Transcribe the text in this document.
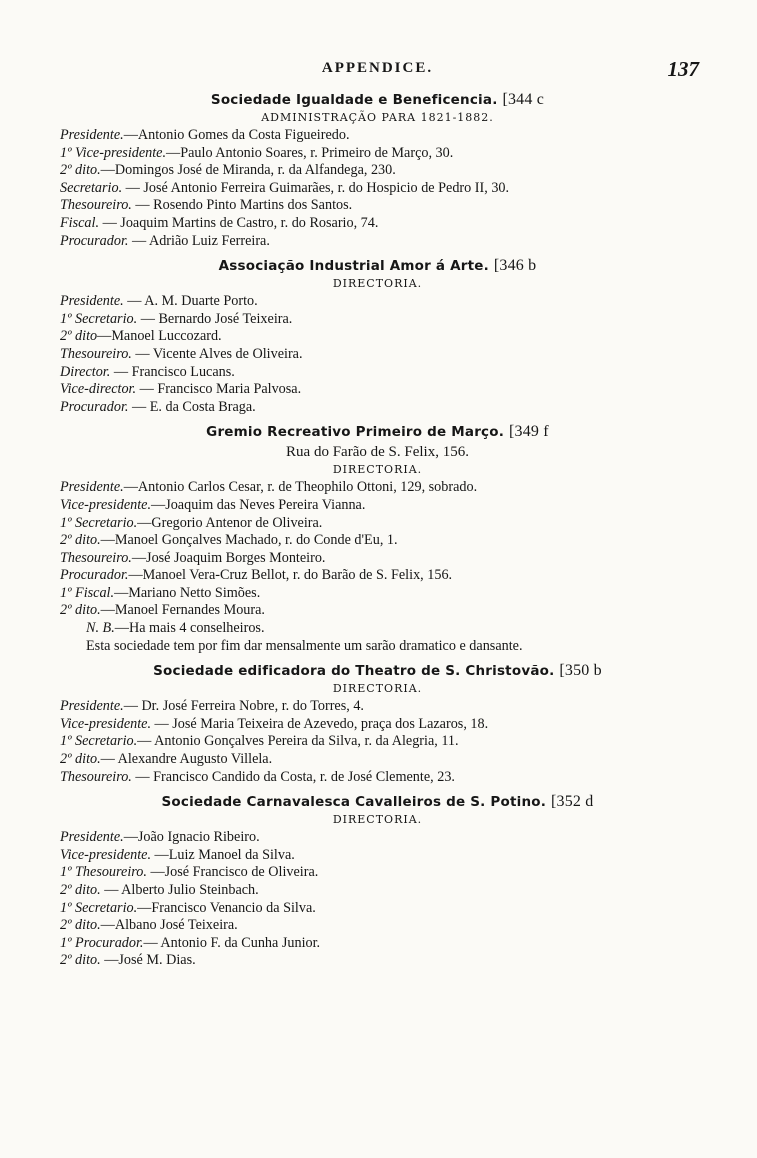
APPENDICE.	137
Sociedade Igualdade e Beneficencia. [344 c
ADMINISTRAÇÃO PARA 1821-1882.
Presidente.—Antonio Gomes da Costa Figueiredo.
1º Vice-presidente.—Paulo Antonio Soares, r. Primeiro de Março, 30.
2º dito.—Domingos José de Miranda, r. da Alfandega, 230.
Secretario. — José Antonio Ferreira Guimarães, r. do Hospicio de Pedro II, 30.
Thesoureiro. — Rosendo Pinto Martins dos Santos.
Fiscal. — Joaquim Martins de Castro, r. do Rosario, 74.
Procurador. — Adrião Luiz Ferreira.
Associação Industrial Amor á Arte. [346 b
DIRECTORIA.
Presidente. — A. M. Duarte Porto.
1º Secretario. — Bernardo José Teixeira.
2º dito—Manoel Luccozard.
Thesoureiro. — Vicente Alves de Oliveira.
Director. — Francisco Lucans.
Vice-director. — Francisco Maria Palvosa.
Procurador. — E. da Costa Braga.
Gremio Recreativo Primeiro de Março. [349 f
Rua do Farão de S. Felix, 156.
DIRECTORIA.
Presidente.—Antonio Carlos Cesar, r. de Theophilo Ottoni, 129, sobrado.
Vice-presidente.—Joaquim das Neves Pereira Vianna.
1º Secretario.—Gregorio Antenor de Oliveira.
2º dito.—Manoel Gonçalves Machado, r. do Conde d'Eu, 1.
Thesoureiro.—José Joaquim Borges Monteiro.
Procurador.—Manoel Vera-Cruz Bellot, r. do Barão de S. Felix, 156.
1º Fiscal.—Mariano Netto Simões.
2º dito.—Manoel Fernandes Moura.
N. B.—Ha mais 4 conselheiros.
Esta sociedade tem por fim dar mensalmente um sarão dramatico e dansante.
Sociedade edificadora do Theatro de S. Christovão. [350 b
DIRECTORIA.
Presidente.— Dr. José Ferreira Nobre, r. do Torres, 4.
Vice-presidente. — José Maria Teixeira de Azevedo, praça dos Lazaros, 18.
1º Secretario.— Antonio Gonçalves Pereira da Silva, r. da Alegria, 11.
2º dito.— Alexandre Augusto Villela.
Thesoureiro. — Francisco Candido da Costa, r. de José Clemente, 23.
Sociedade Carnavalesca Cavalleiros de S. Potino. [352 d
DIRECTORIA.
Presidente.—João Ignacio Ribeiro.
Vice-presidente. —Luiz Manoel da Silva.
1º Thesoureiro. —José Francisco de Oliveira.
2º dito. — Alberto Julio Steinbach.
1º Secretario.—Francisco Venancio da Silva.
2º dito.—Albano José Teixeira.
1º Procurador.— Antonio F. da Cunha Junior.
2º dito. —José M. Dias.
